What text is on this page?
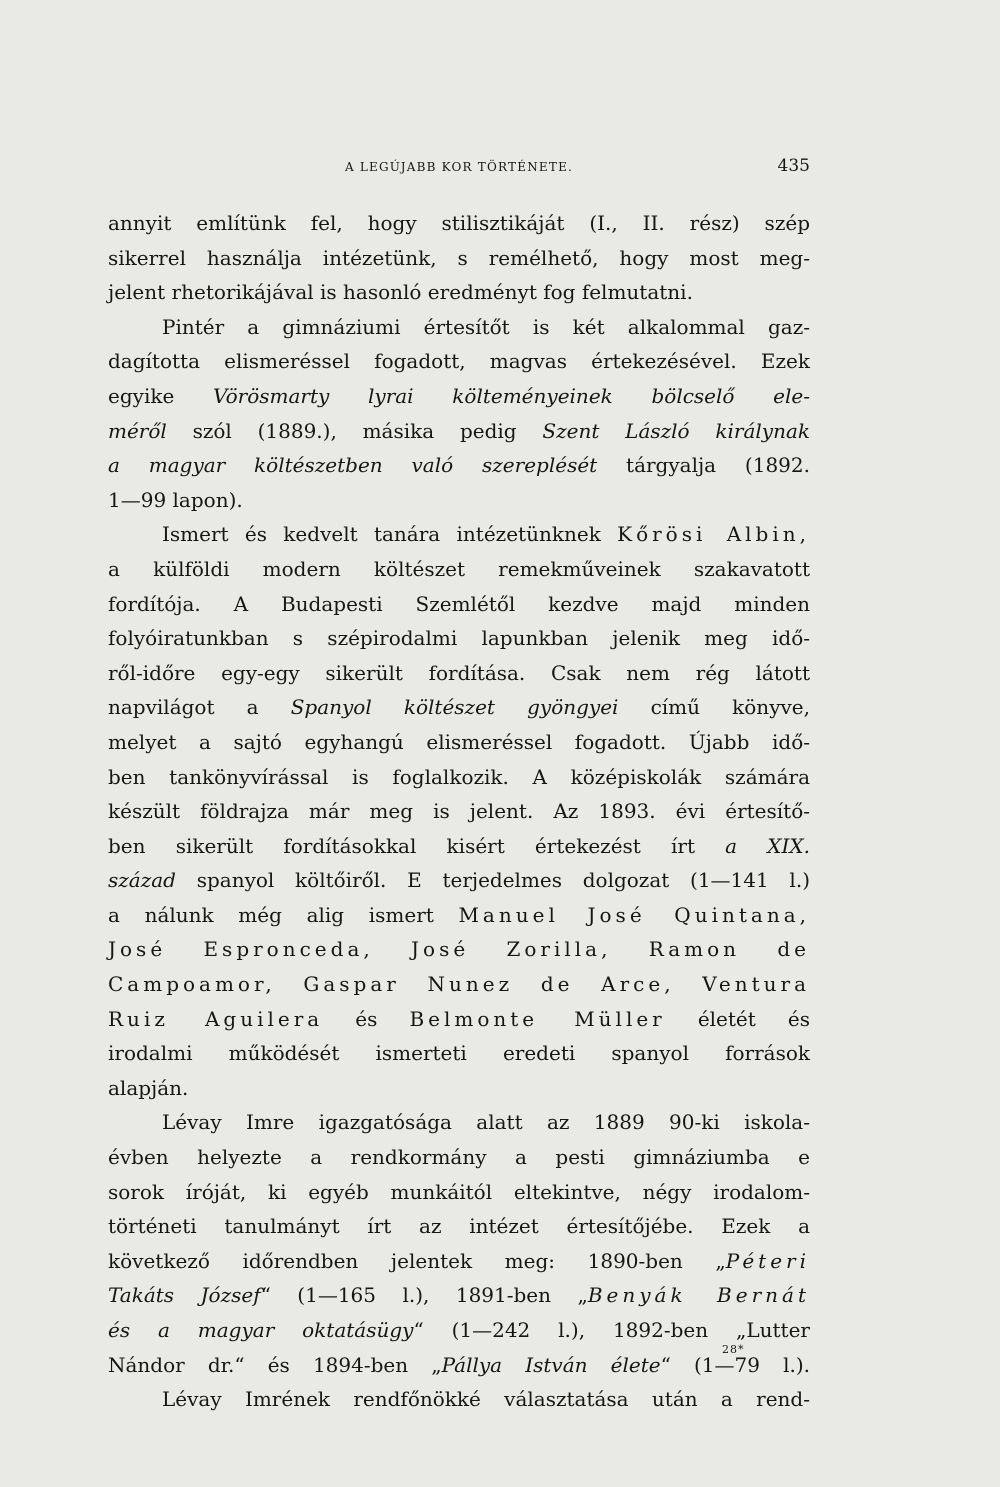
A LEGÚJABB KOR TÖRTÉNETE.	435
annyit említünk fel, hogy stilisztikáját (I., II. rész) szép
sikerrel használja intézetünk, s remélhető, hogy most meg-
jelent rhetorikájával is hasonló eredményt fog felmutatni.
Pintér a gimnáziumi értesítőt is két alkalommal gaz-
dagította elismeréssel fogadott, magvas értekezésével. Ezek
egyike Vörösmarty lyrai költeményeinek bölcselő ele-
méről szól (1889.), másika pedig Szent László királynak
a magyar költészetben való szereplését tárgyalja (1892.
1—99 lapon).
Ismert és kedvelt tanára intézetünknek Kőrösi Albin,
a külföldi modern költészet remekműveinek szakavatott
fordítója. A Budapesti Szemlétől kezdve majd minden
folyóiratunkban s szépirodalmi lapunkban jelenik meg idő-
ről-időre egy-egy sikerült fordítása. Csak nem rég látott
napvilágot a Spanyol költészet gyöngyei című könyve,
melyet a sajtó egyhangú elismeréssel fogadott. Újabb idő-
ben tankönyvírással is foglalkozik. A középiskolák számára
készült földrajza már meg is jelent. Az 1893. évi értesítő-
ben sikerült fordításokkal kisért értekezést írt a XIX.
század spanyol költőiről. E terjedelmes dolgozat (1—141 l.)
a nálunk még alig ismert Manuel José Quintana,
José Espronceda, José Zorilla, Ramon de
Campoamor, Gaspar Nunez de Arce, Ventura
Ruiz Aguilera és Belmonte Müller életét és
irodalmi működését ismerteti eredeti spanyol források
alapján.
Lévay Imre igazgatósága alatt az 1889 90-ki iskola-
évben helyezte a rendkormány a pesti gimnáziumba e
sorok íróját, ki egyéb munkáitól eltekintve, négy irodalom-
történeti tanulmányt írt az intézet értesítőjébe. Ezek a
következő időrendben jelentek meg: 1890-ben „Péteri
Takáts József“ (1—165 l.), 1891-ben „Benyák Bernát
és a magyar oktatásügy“ (1—242 l.), 1892-ben „Lutter
Nándor dr.“ és 1894-ben „Pállya István élete“ (1—79 l.).
Lévay Imrének rendfőnökké választatása után a rend-
28*
